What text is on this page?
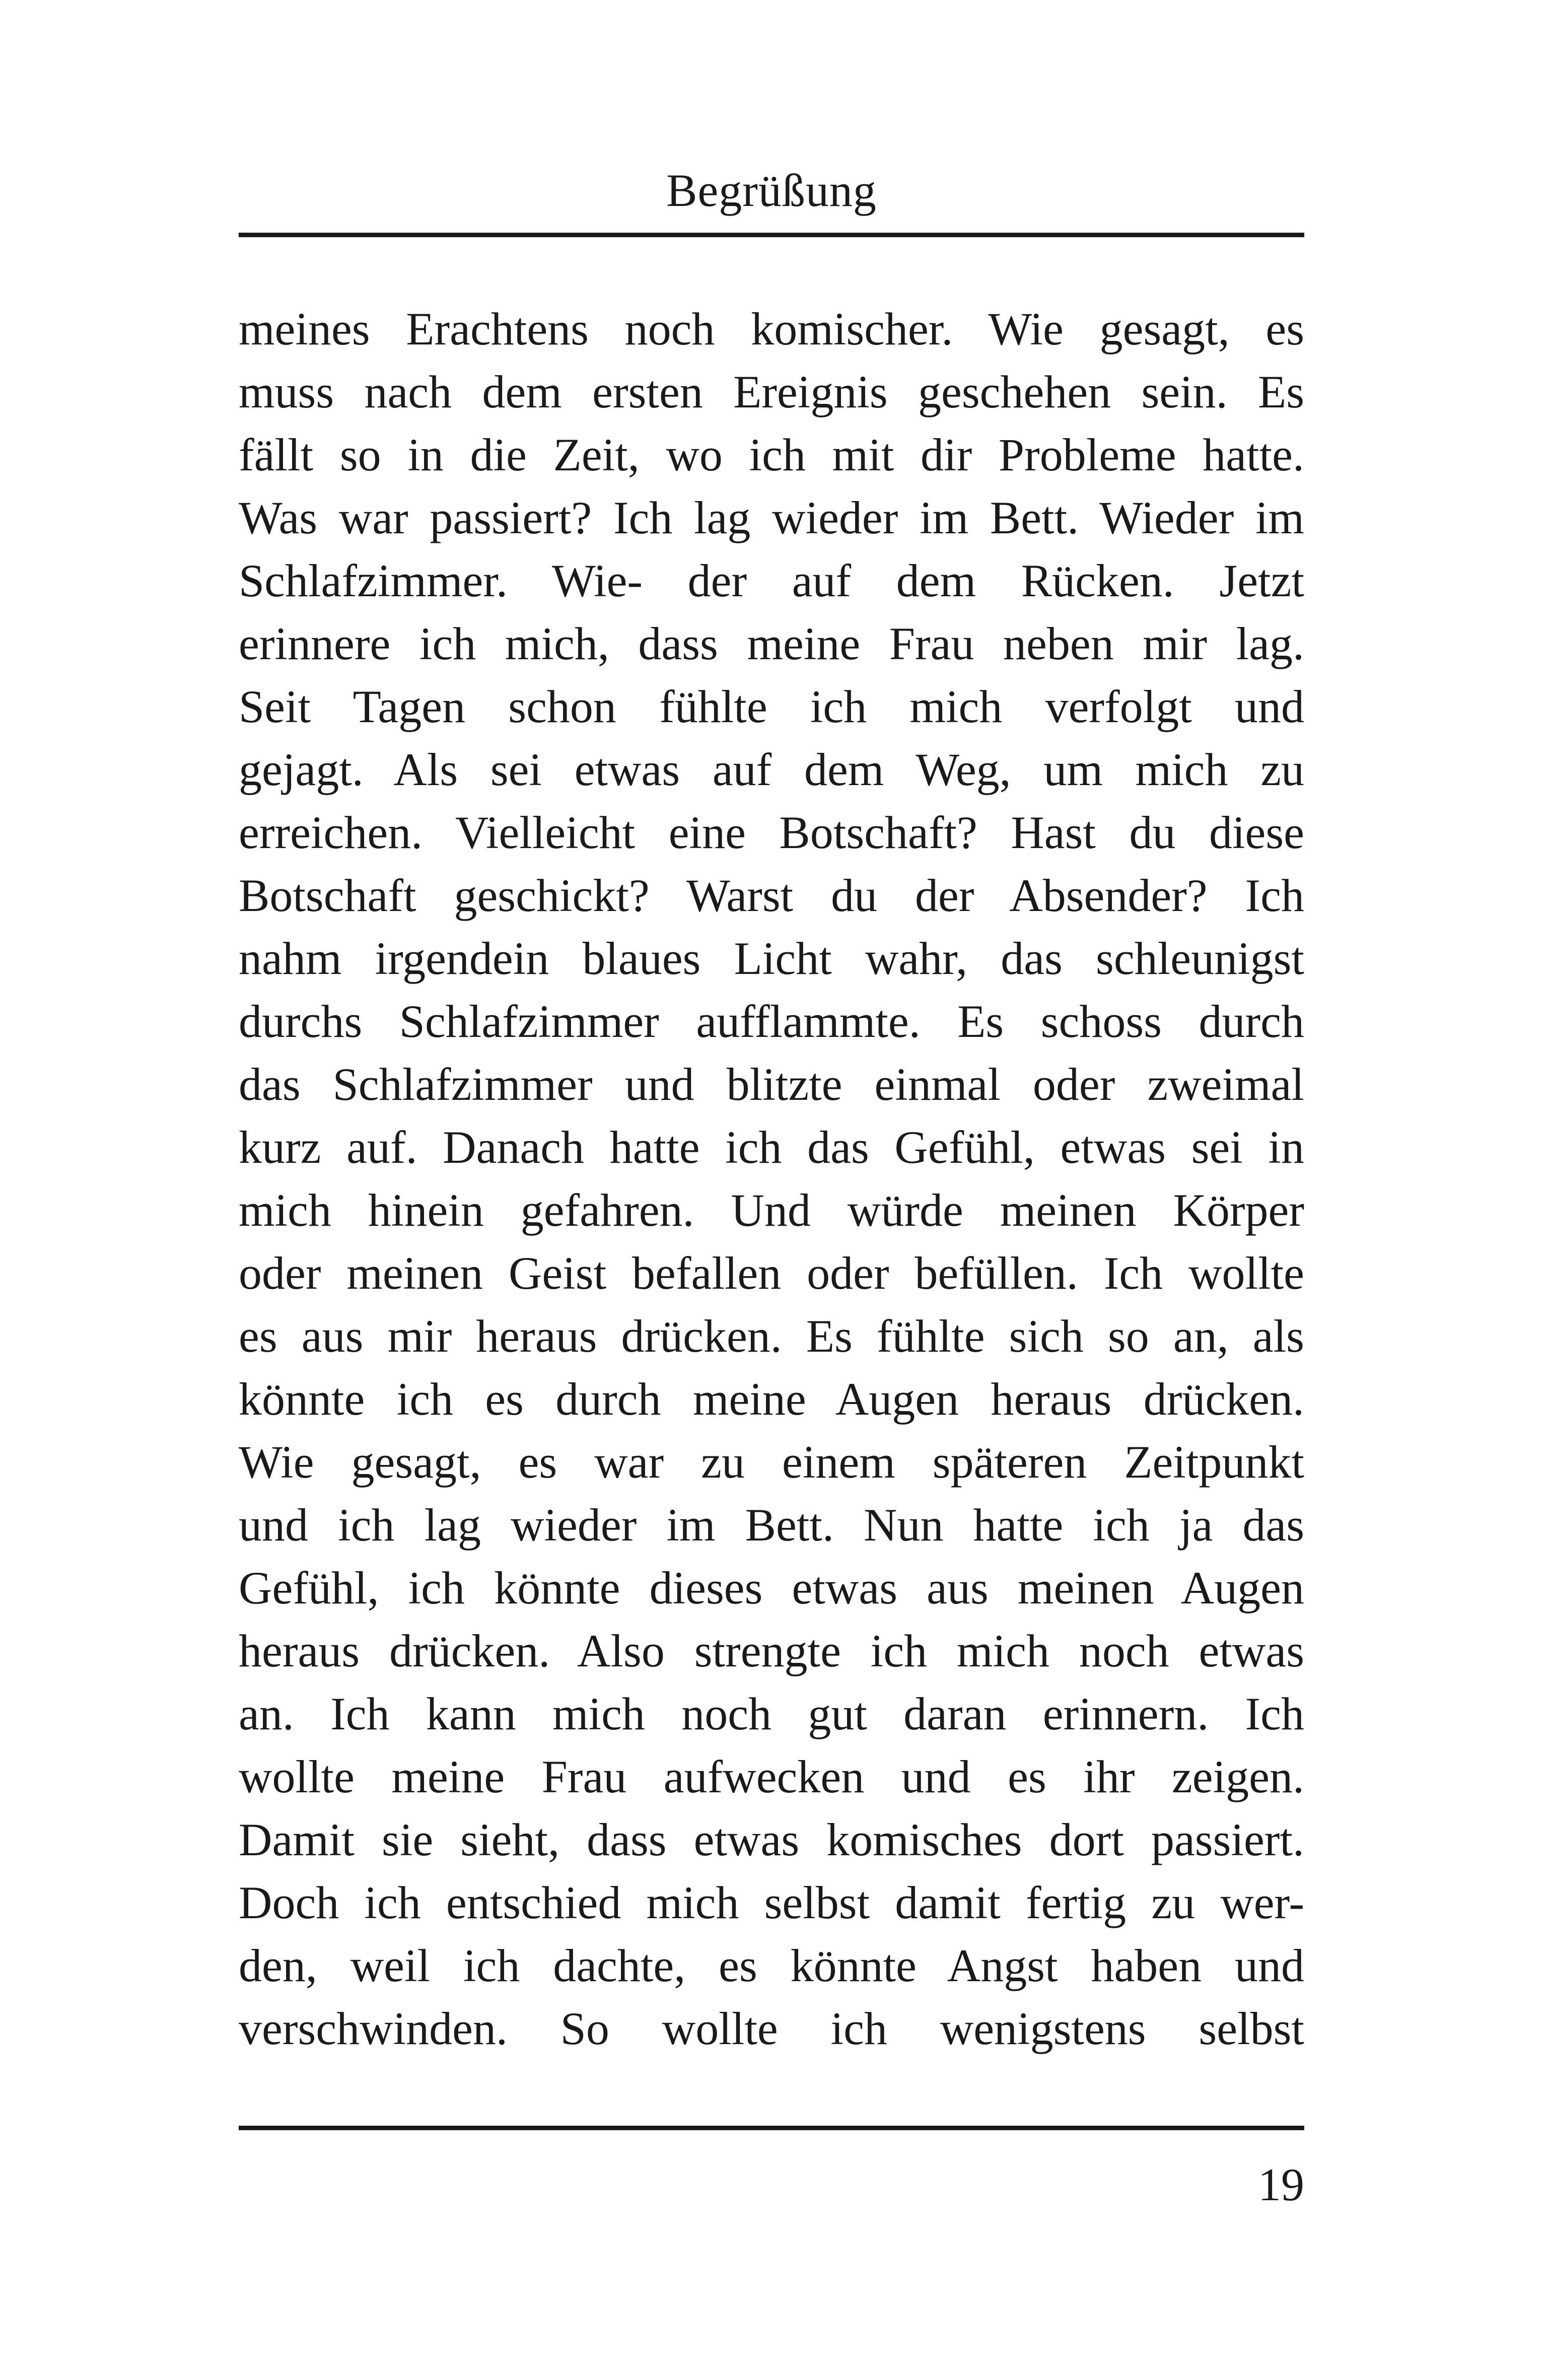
Begrüßung
meines Erachtens noch komischer. Wie gesagt, es
muss nach dem ersten Ereignis geschehen sein. Es
fällt so in die Zeit, wo ich mit dir Probleme hatte.
Was war passiert? Ich lag wieder im Bett. Wieder im
Schlafzimmer. Wie- der auf dem Rücken. Jetzt
erinnere ich mich, dass meine Frau neben mir lag.
Seit Tagen schon fühlte ich mich verfolgt und
gejagt. Als sei etwas auf dem Weg, um mich zu
erreichen. Vielleicht eine Botschaft? Hast du diese
Botschaft geschickt? Warst du der Absender? Ich
nahm irgendein blaues Licht wahr, das schleunigst
durchs Schlafzimmer aufflammte. Es schoss durch
das Schlafzimmer und blitzte einmal oder zweimal
kurz auf. Danach hatte ich das Gefühl, etwas sei in
mich hinein gefahren. Und würde meinen Körper
oder meinen Geist befallen oder befüllen. Ich wollte
es aus mir heraus drücken. Es fühlte sich so an, als
könnte ich es durch meine Augen heraus drücken.
Wie gesagt, es war zu einem späteren Zeitpunkt
und ich lag wieder im Bett. Nun hatte ich ja das
Gefühl, ich könnte dieses etwas aus meinen Augen
heraus drücken. Also strengte ich mich noch etwas
an. Ich kann mich noch gut daran erinnern. Ich
wollte meine Frau aufwecken und es ihr zeigen.
Damit sie sieht, dass etwas komisches dort passiert.
Doch ich entschied mich selbst damit fertig zu wer-
den, weil ich dachte, es könnte Angst haben und
verschwinden. So wollte ich wenigstens selbst
19
